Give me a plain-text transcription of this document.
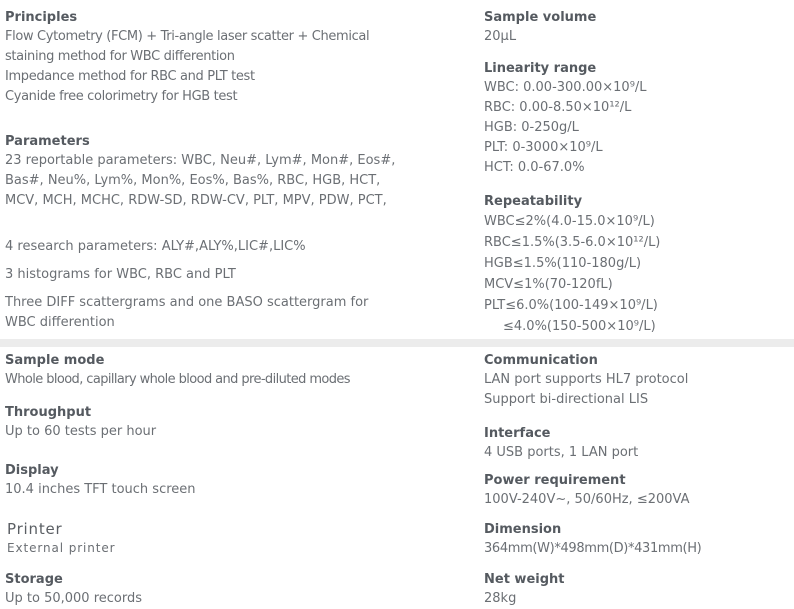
Principles
Flow Cytometry (FCM) + Tri-angle laser scatter + Chemical
staining method for WBC differention
Impedance method for RBC and PLT test
Cyanide free colorimetry for HGB test
Parameters
23 reportable parameters: WBC, Neu#, Lym#, Mon#, Eos#,
Bas#, Neu%, Lym%, Mon%, Eos%, Bas%, RBC, HGB, HCT,
MCV, MCH, MCHC, RDW-SD, RDW-CV, PLT, MPV, PDW, PCT,
4 research parameters: ALY#,ALY%,LIC#,LIC%
3 histograms for WBC, RBC and PLT
Three DIFF scattergrams and one BASO scattergram for
WBC differention
Sample volume
20μL
Linearity range
WBC: 0.00-300.00×10⁹/L
RBC: 0.00-8.50×10¹²/L
HGB: 0-250g/L
PLT: 0-3000×10⁹/L
HCT: 0.0-67.0%
Repeatability
WBC≤2%(4.0-15.0×10⁹/L)
RBC≤1.5%(3.5-6.0×10¹²/L)
HGB≤1.5%(110-180g/L)
MCV≤1%(70-120fL)
PLT≤6.0%(100-149×10⁹/L)
≤4.0%(150-500×10⁹/L)
Sample mode
Whole blood, capillary whole blood and pre-diluted modes
Throughput
Up to 60 tests per hour
Display
10.4 inches TFT touch screen
Printer
External printer
Storage
Up to 50,000 records
Communication
LAN port supports HL7 protocol
Support bi-directional LIS
Interface
4 USB ports, 1 LAN port
Power requirement
100V-240V~, 50/60Hz, ≤200VA
Dimension
364mm(W)*498mm(D)*431mm(H)
Net weight
28kg
